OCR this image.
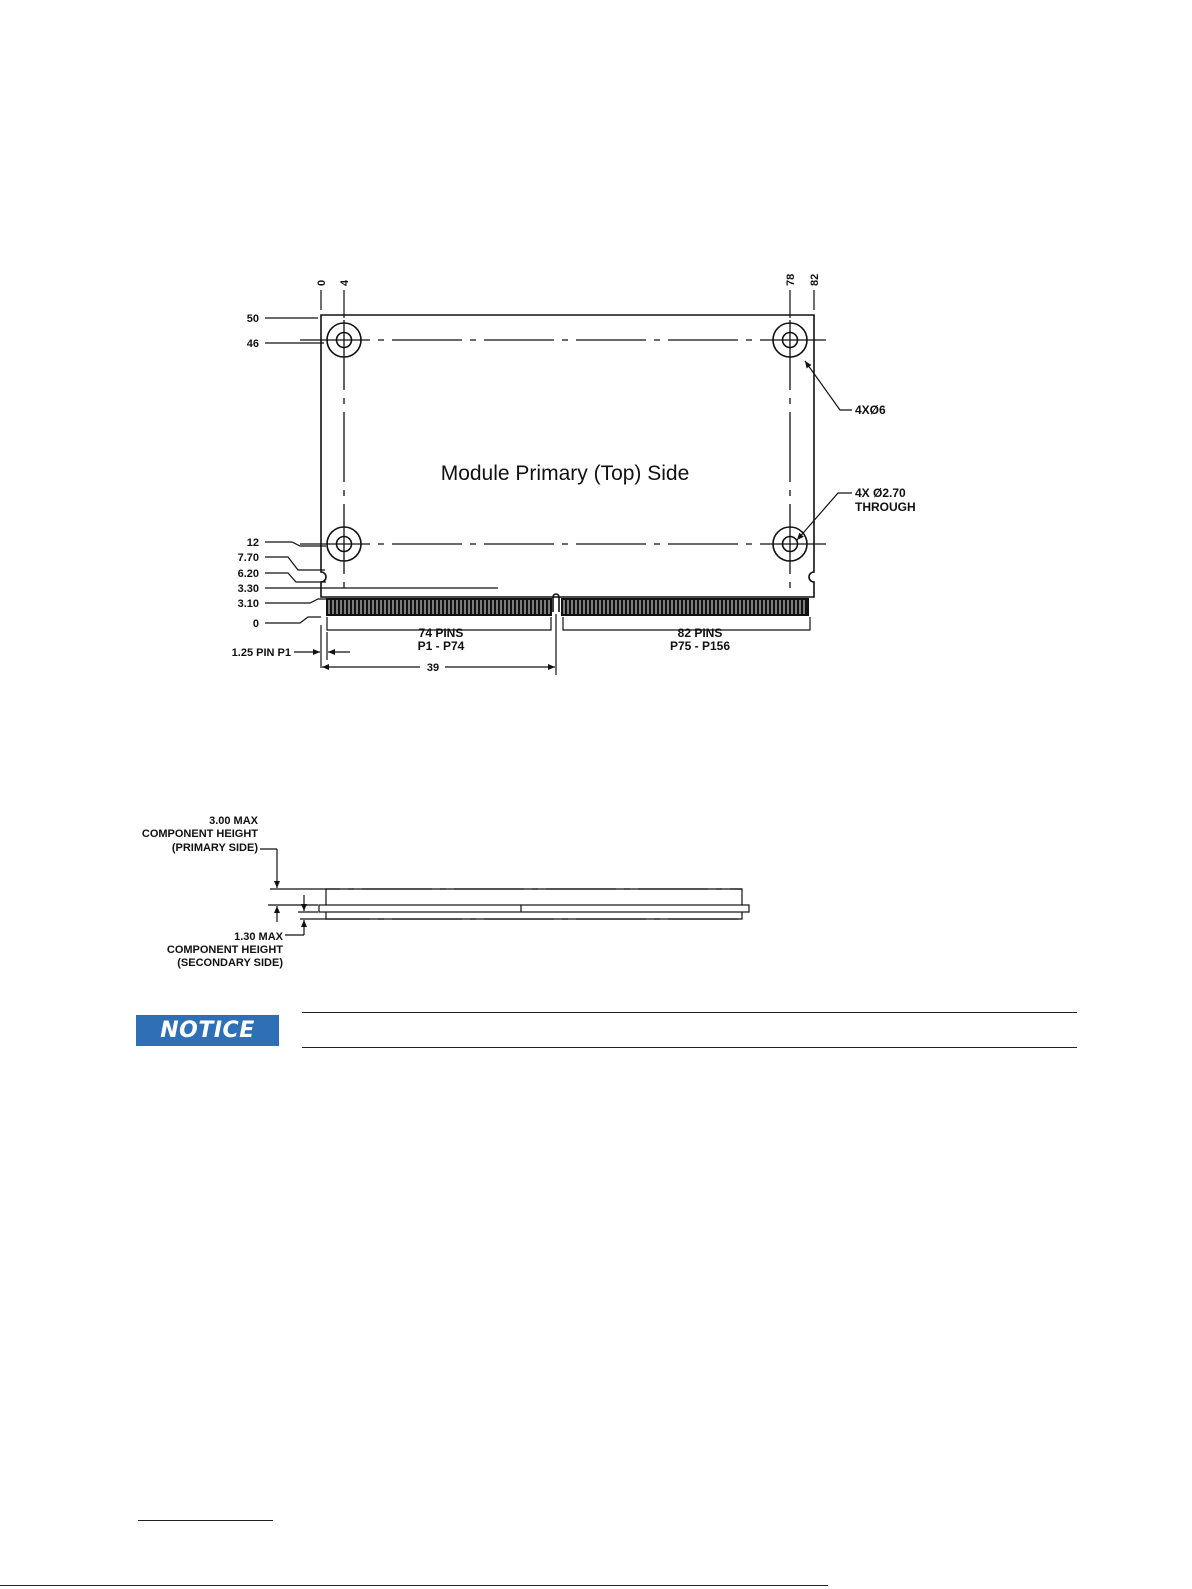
0 4	78 82
50
46
12
7.70
6.20
3.30
3.10
0
Module Primary (Top) Side
4XØ6
4X Ø2.70
THROUGH
74 PINS
P1 - P74
82 PINS
P75 - P156
1.25 PIN P1
39
3.00 MAX
COMPONENT HEIGHT
(PRIMARY SIDE)
1.30 MAX
COMPONENT HEIGHT
(SECONDARY SIDE)
NOTICE
